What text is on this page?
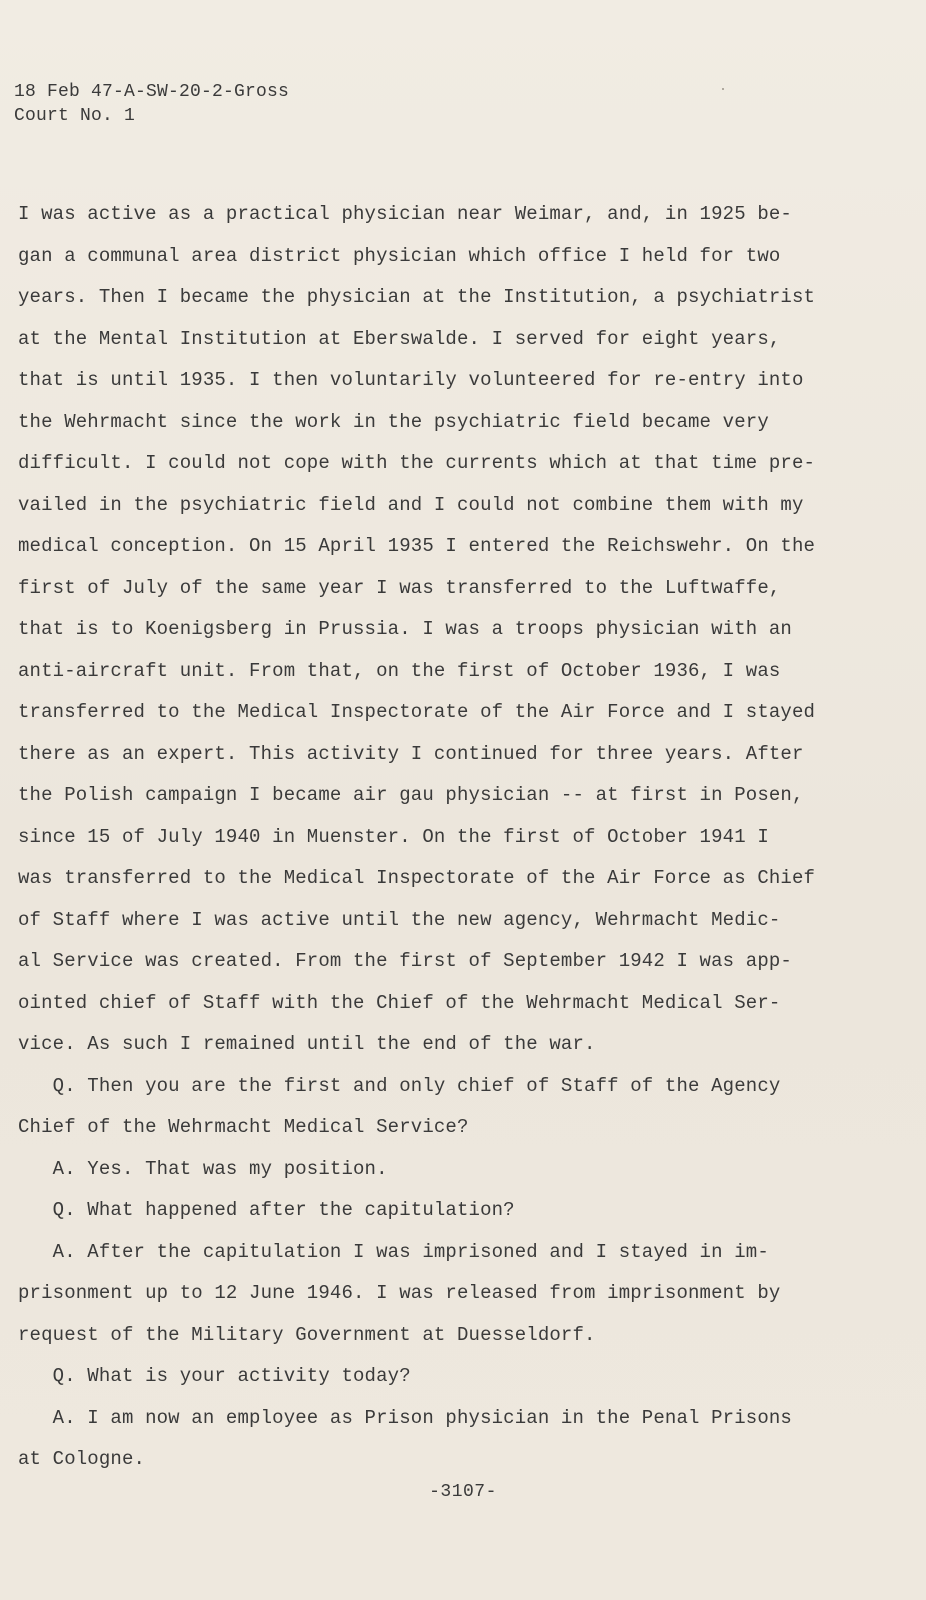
18 Feb 47-A-SW-20-2-Gross
Court No. 1
I was active as a practical physician near Weimar, and, in 1925 be-
gan a communal area district physician which office I held for two
years. Then I became the physician at the Institution, a psychiatrist
at the Mental Institution at Eberswalde. I served for eight years,
that is until 1935. I then voluntarily volunteered for re-entry into
the Wehrmacht since the work in the psychiatric field became very
difficult. I could not cope with the currents which at that time pre-
vailed in the psychiatric field and I could not combine them with my
medical conception. On 15 April 1935 I entered the Reichswehr. On the
first of July of the same year I was transferred to the Luftwaffe,
that is to Koenigsberg in Prussia. I was a troops physician with an
anti-aircraft unit. From that, on the first of October 1936, I was
transferred to the Medical Inspectorate of the Air Force and I stayed
there as an expert. This activity I continued for three years. After
the Polish campaign I became air gau physician -- at first in Posen,
since 15 of July 1940 in Muenster. On the first of October 1941 I
was transferred to the Medical Inspectorate of the Air Force as Chief
of Staff where I was active until the new agency, Wehrmacht Medic-
al Service was created. From the first of September 1942 I was app-
ointed chief of Staff with the Chief of the Wehrmacht Medical Ser-
vice. As such I remained until the end of the war.
Q. Then you are the first and only chief of Staff of the Agency
Chief of the Wehrmacht Medical Service?
A. Yes. That was my position.
Q. What happened after the capitulation?
A. After the capitulation I was imprisoned and I stayed in im-
prisonment up to 12 June 1946. I was released from imprisonment by
request of the Military Government at Duesseldorf.
Q. What is your activity today?
A. I am now an employee as Prison physician in the Penal Prisons
at Cologne.
-3107-
